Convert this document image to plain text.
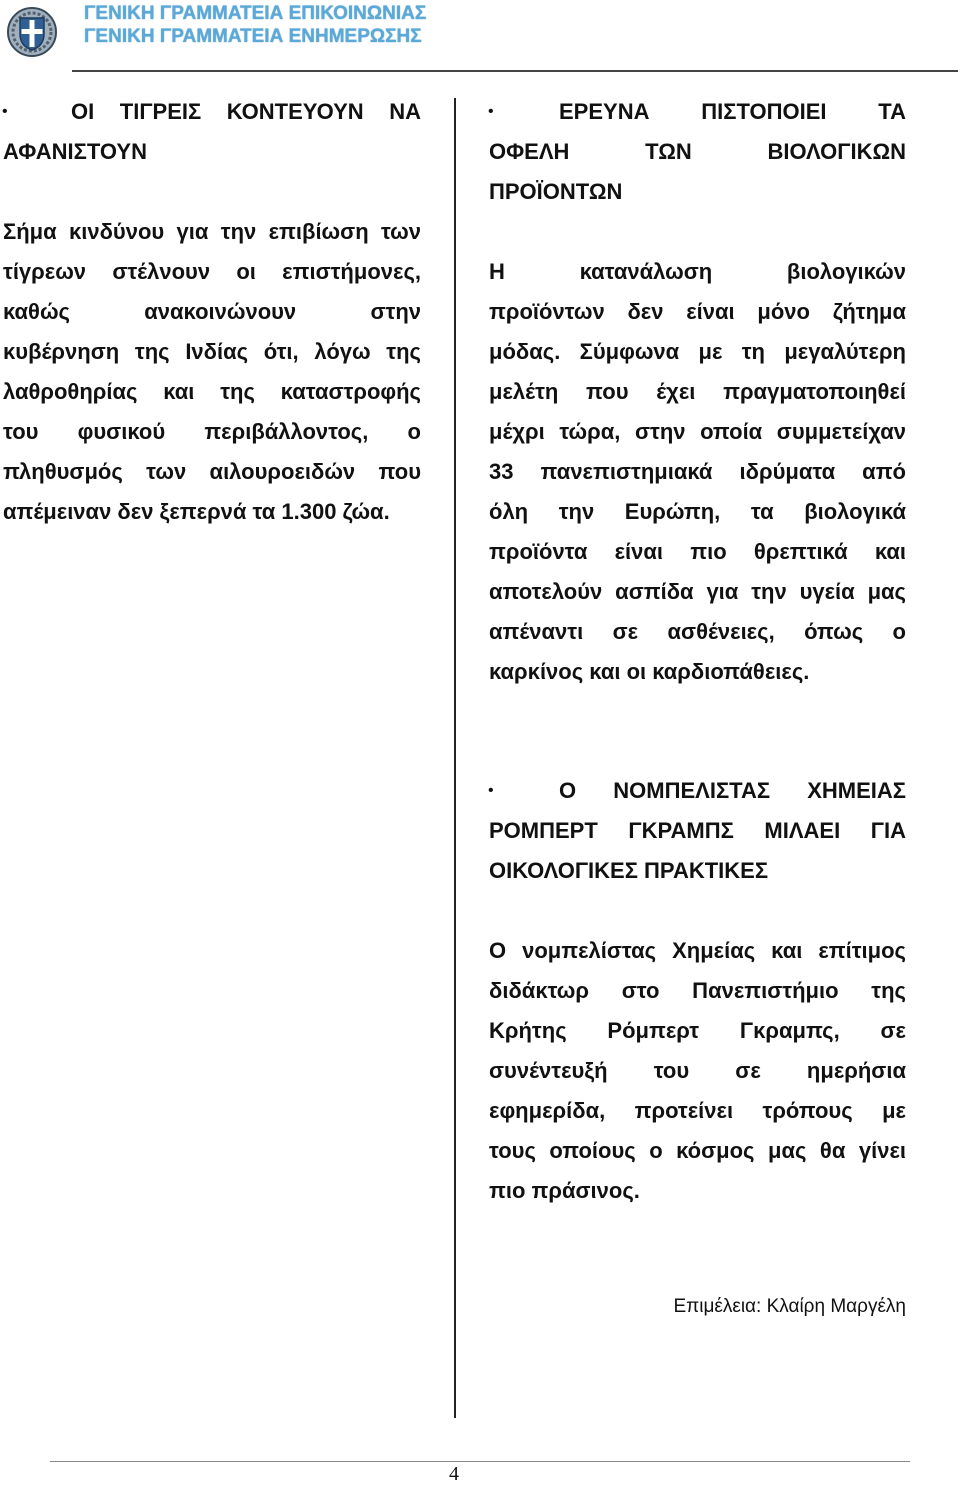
ΓΕΝΙΚΗ ΓΡΑΜΜΑΤΕΙΑ ΕΠΙΚΟΙΝΩΝΙΑΣ
ΓΕΝΙΚΗ ΓΡΑΜΜΑΤΕΙΑ ΕΝΗΜΕΡΩΣΗΣ
•	ΟΙ ΤΙΓΡΕΙΣ ΚΟΝΤΕΥΟΥΝ ΝΑ
ΑΦΑΝΙΣΤΟΥΝ
Σήμα κινδύνου για την επιβίωση των
τίγρεων στέλνουν οι επιστήμονες,
καθώς ανακοινώνουν στην
κυβέρνηση της Ινδίας ότι, λόγω της
λαθροθηρίας και της καταστροφής
του φυσικού περιβάλλοντος, ο
πληθυσμός των αιλουροειδών που
απέμειναν δεν ξεπερνά τα 1.300 ζώα.
•	ΕΡΕΥΝΑ ΠΙΣΤΟΠΟΙΕΙ ΤΑ
ΟΦΕΛΗ ΤΩΝ ΒΙΟΛΟΓΙΚΩΝ
ΠΡΟΪΟΝΤΩΝ
Η κατανάλωση βιολογικών
προϊόντων δεν είναι μόνο ζήτημα
μόδας. Σύμφωνα με τη μεγαλύτερη
μελέτη που έχει πραγματοποιηθεί
μέχρι τώρα, στην οποία συμμετείχαν
33 πανεπιστημιακά ιδρύματα από
όλη την Ευρώπη, τα βιολογικά
προϊόντα είναι πιο θρεπτικά και
αποτελούν ασπίδα για την υγεία μας
απέναντι σε ασθένειες, όπως ο
καρκίνος και οι καρδιοπάθειες.
•	Ο ΝΟΜΠΕΛΙΣΤΑΣ ΧΗΜΕΙΑΣ
ΡΟΜΠΕΡΤ ΓΚΡΑΜΠΣ ΜΙΛΑΕΙ ΓΙΑ
ΟΙΚΟΛΟΓΙΚΕΣ ΠΡΑΚΤΙΚΕΣ
Ο νομπελίστας Χημείας και επίτιμος
διδάκτωρ στο Πανεπιστήμιο της
Κρήτης Ρόμπερτ Γκραμπς, σε
συνέντευξή του σε ημερήσια
εφημερίδα, προτείνει τρόπους με
τους οποίους ο κόσμος μας θα γίνει
πιο πράσινος.
Επιμέλεια: Κλαίρη Μαργέλη
4
